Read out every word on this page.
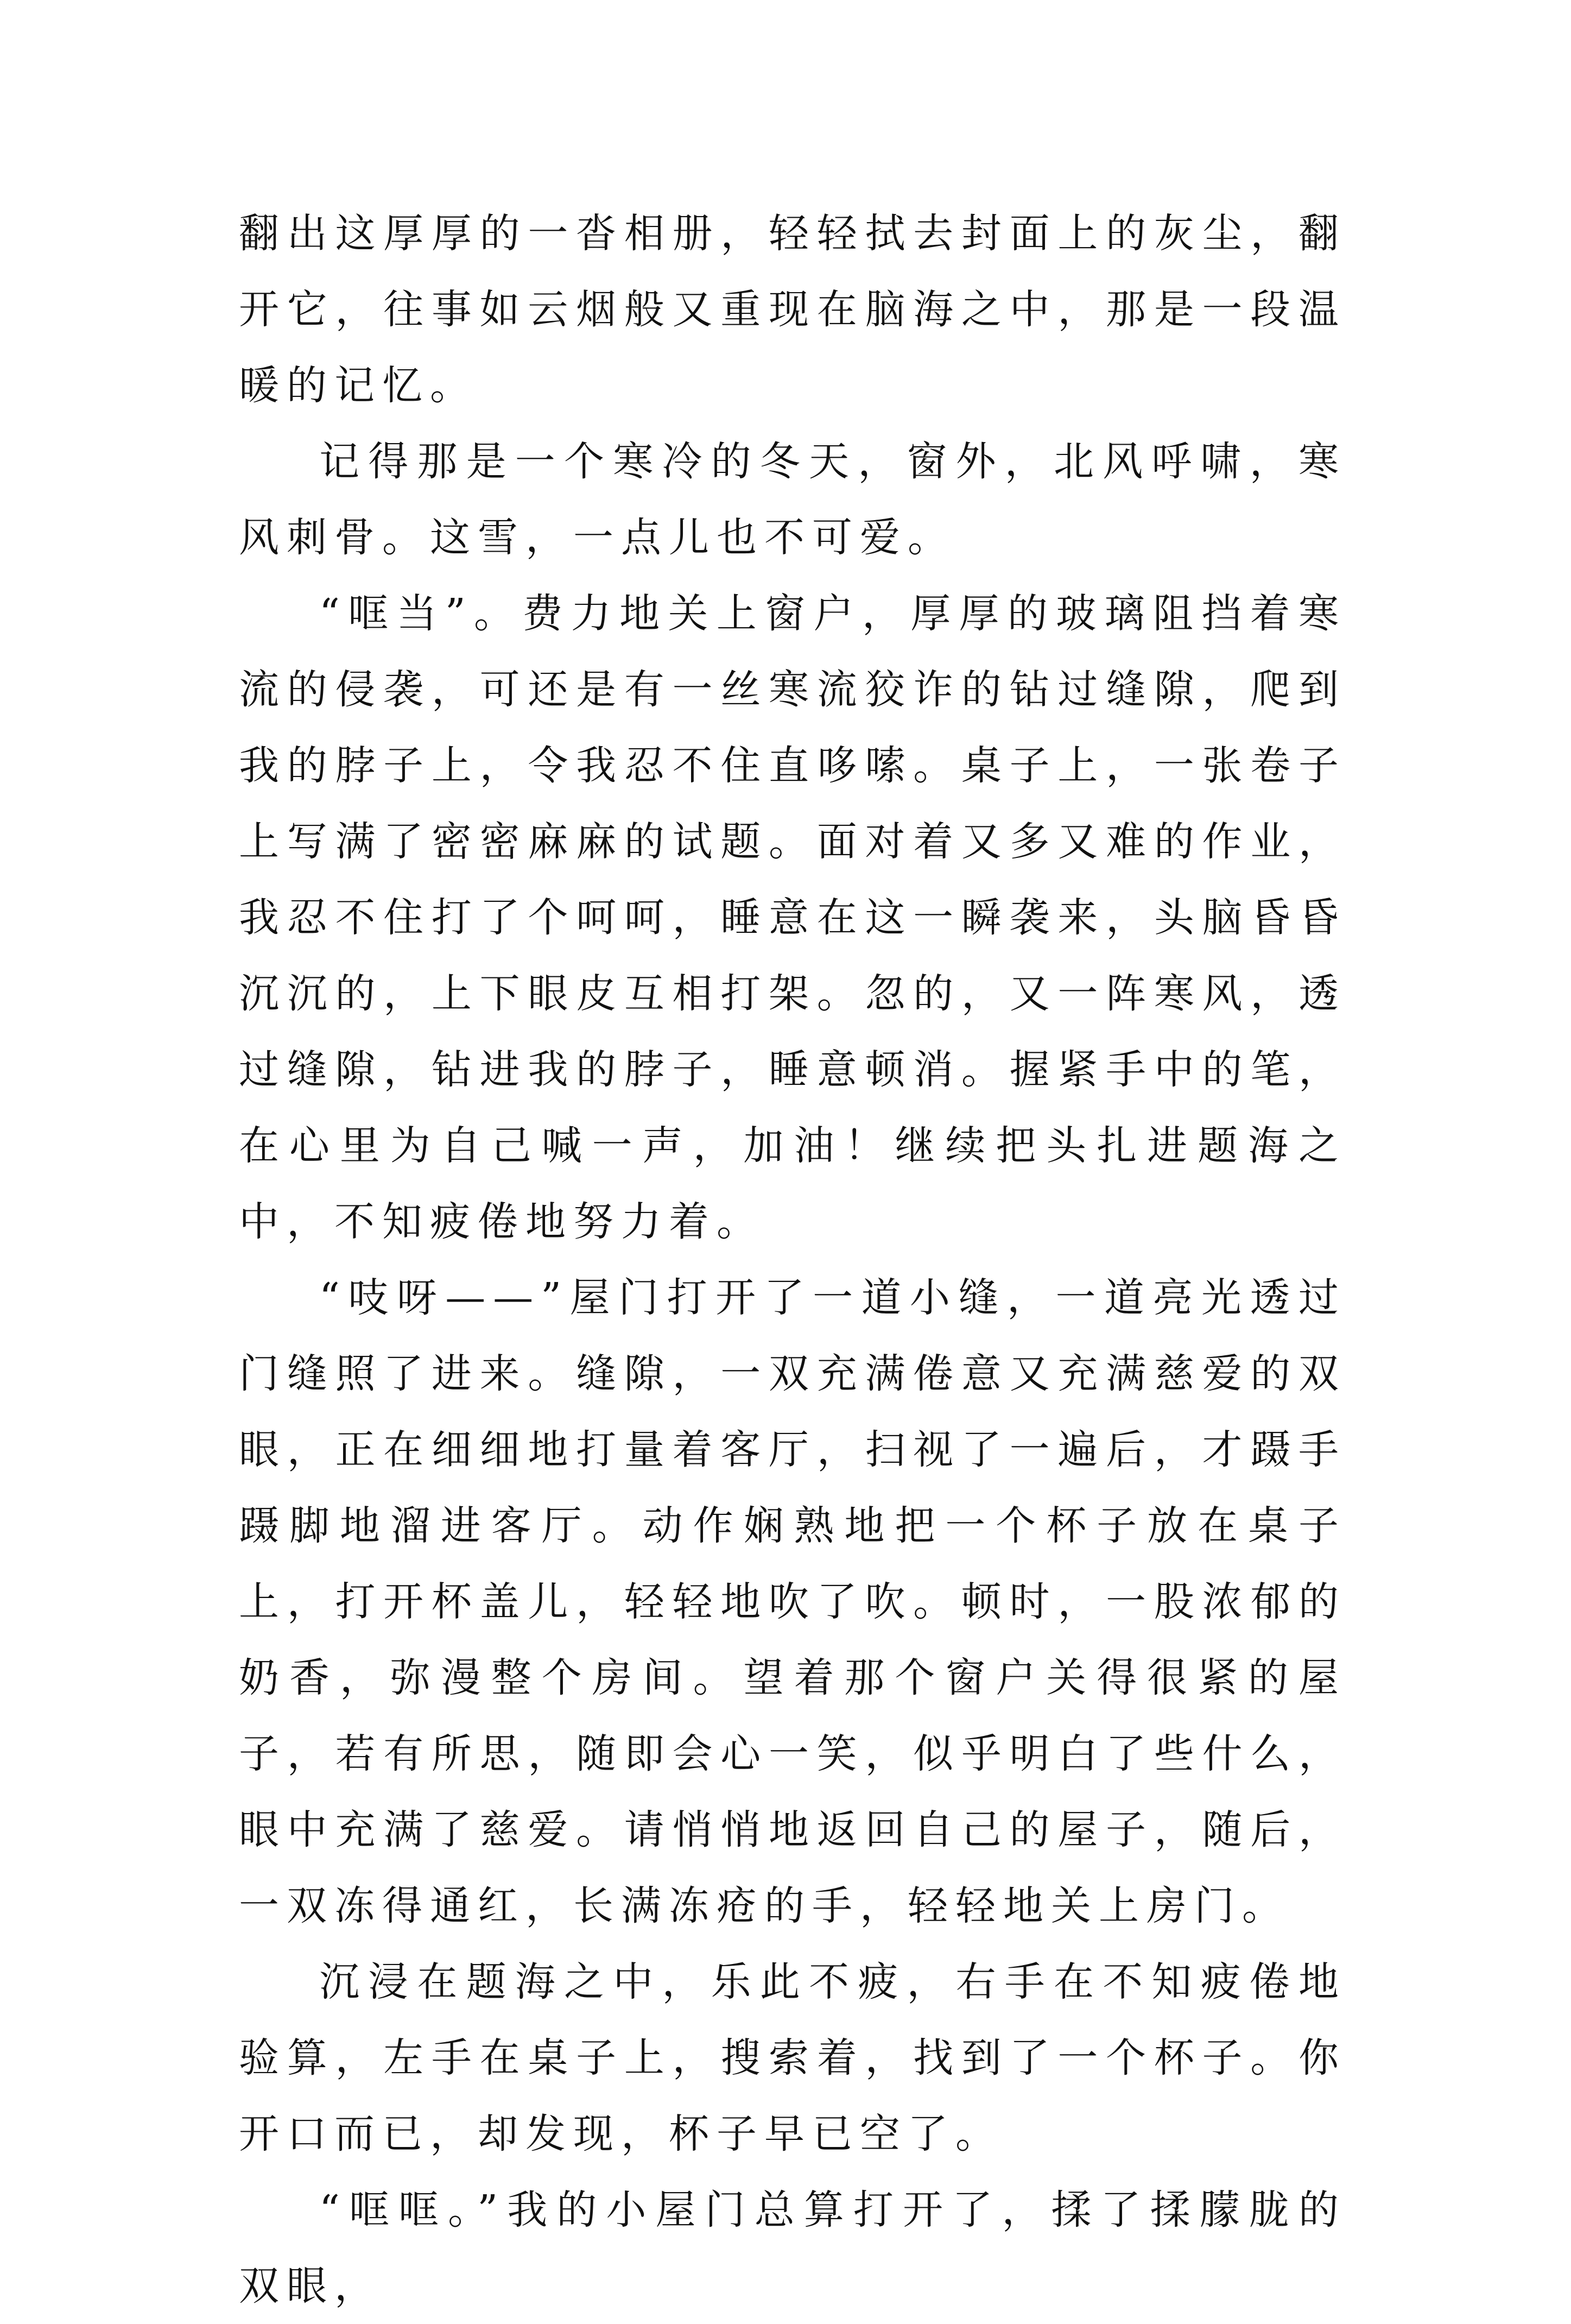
翻出这厚厚的一沓相册，轻轻拭去封面上的灰尘，翻开它，往事如云烟般又重现在脑海之中，那是一段温暖的记忆。

记得那是一个寒冷的冬天，窗外，北风呼啸，寒风刺骨。这雪，一点儿也不可爱。

“哐当”。费力地关上窗户，厚厚的玻璃阻挡着寒流的侵袭，可还是有一丝寒流狡诈的钻过缝隙，爬到我的脖子上，令我忍不住直哆嗦。桌子上，一张卷子上写满了密密麻麻的试题。面对着又多又难的作业，我忍不住打了个呵呵，睡意在这一瞬袭来，头脑昏昏沉沉的，上下眼皮互相打架。忽的，又一阵寒风，透过缝隙，钻进我的脖子，睡意顿消。握紧手中的笔，在心里为自己喊一声，加油！继续把头扎进题海之中，不知疲倦地努力着。

“吱呀——”屋门打开了一道小缝，一道亮光透过门缝照了进来。缝隙，一双充满倦意又充满慈爱的双眼，正在细细地打量着客厅，扫视了一遍后，才蹑手蹑脚地溜进客厅。动作娴熟地把一个杯子放在桌子上，打开杯盖儿，轻轻地吹了吹。顿时，一股浓郁的奶香，弥漫整个房间。望着那个窗户关得很紧的屋子，若有所思，随即会心一笑，似乎明白了些什么，眼中充满了慈爱。请悄悄地返回自己的屋子，随后，一双冻得通红，长满冻疮的手，轻轻地关上房门。

沉浸在题海之中，乐此不疲，右手在不知疲倦地验算，左手在桌子上，搜索着，找到了一个杯子。你开口而已，却发现，杯子早已空了。

“哐哐。”我的小屋门总算打开了，揉了揉朦胧的双眼，
